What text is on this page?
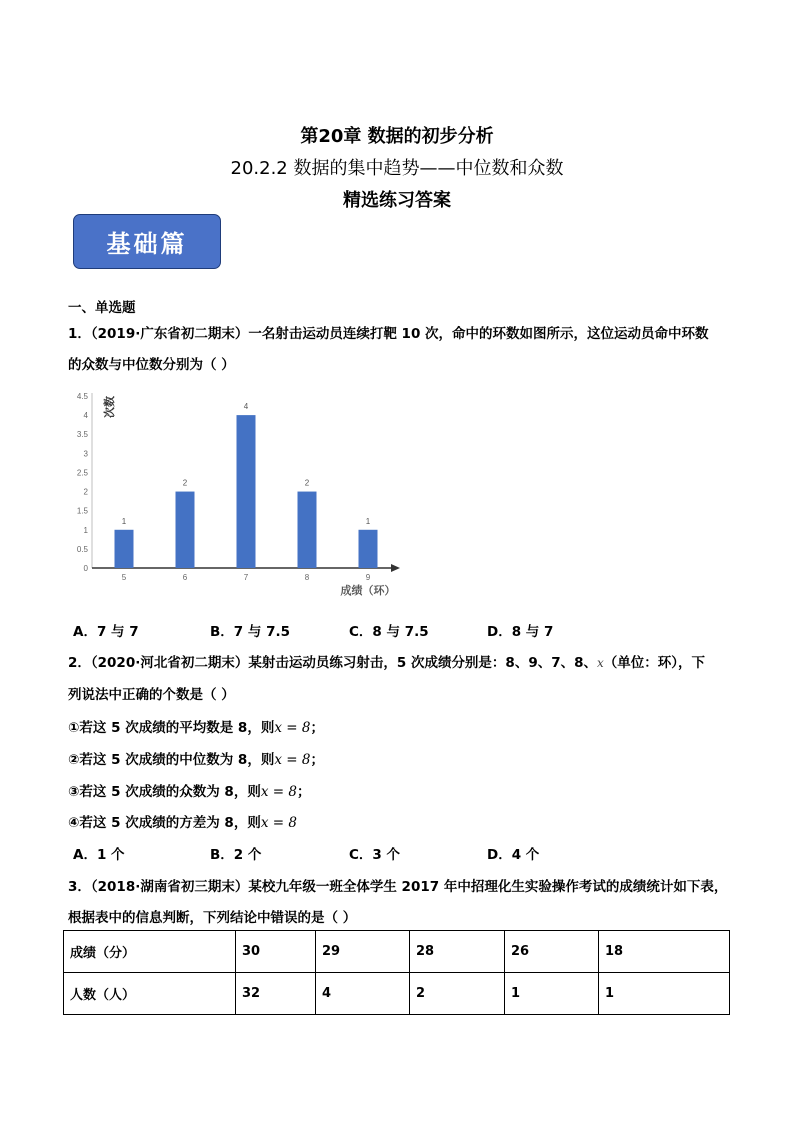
第20章 数据的初步分析
20.2.2 数据的集中趋势——中位数和众数
精选练习答案
基础篇
一、单选题
1．（2019·广东省初二期末）一名射击运动员连续打靶 10 次，命中的环数如图所示，这位运动员命中环数
的众数与中位数分别为（ ）
0
0.5
1
1.5
2
2.5
3
3.5
4
4.5
1
5
2
6
4
7
2
8
1
9
次数
成绩（环）
A．7 与 7	B．7 与 7.5	C．8 与 7.5	D．8 与 7
2．（2020·河北省初二期末）某射击运动员练习射击，5 次成绩分别是：8、9、7、8、x（单位：环），下
列说法中正确的个数是（ ）
①若这 5 次成绩的平均数是 8，则x = 8；
②若这 5 次成绩的中位数为 8，则x = 8；
③若这 5 次成绩的众数为 8，则x = 8；
④若这 5 次成绩的方差为 8，则x = 8
A．1 个	B．2 个	C．3 个	D．4 个
3．（2018·湖南省初三期末）某校九年级一班全体学生 2017 年中招理化生实验操作考试的成绩统计如下表，
根据表中的信息判断，下列结论中错误的是（ ）
成绩（分）	30	29	28	26	18
人数（人）	32	4	2	1	1
